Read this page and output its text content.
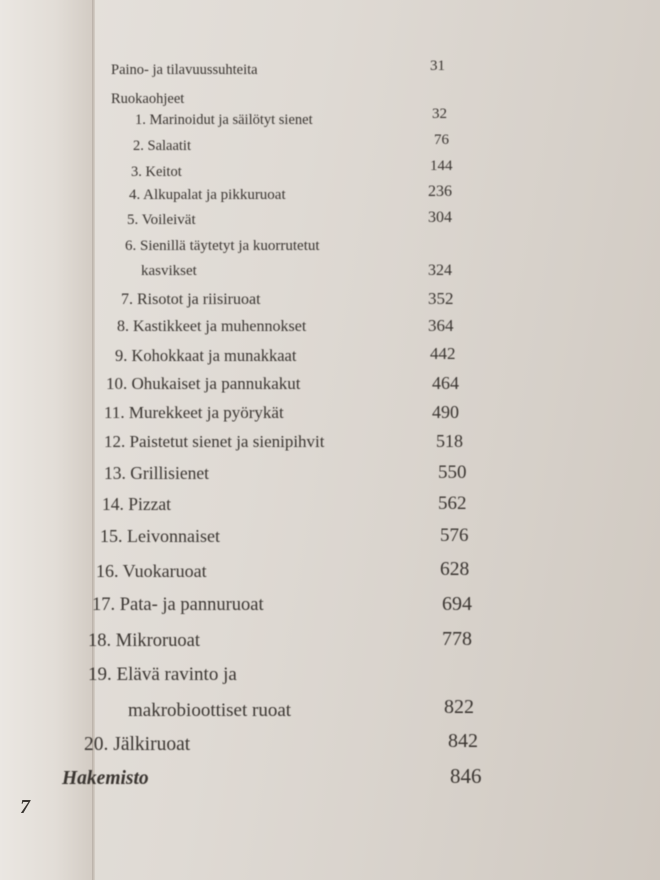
Paino- ja tilavuussuhteita	31
Ruokaohjeet
1. Marinoidut ja säilötyt sienet	32
2. Salaatit	76
3. Keitot	144
4. Alkupalat ja pikkuruoat	236
5. Voileivät	304
6. Sienillä täytetyt ja kuorrutetut
kasvikset	324
7. Risotot ja riisiruoat	352
8. Kastikkeet ja muhennokset	364
9. Kohokkaat ja munakkaat	442
10. Ohukaiset ja pannukakut	464
11. Murekkeet ja pyörykät	490
12. Paistetut sienet ja sienipihvit	518
13. Grillisienet	550
14. Pizzat	562
15. Leivonnaiset	576
16. Vuokaruoat	628
17. Pata- ja pannuruoat	694
18. Mikroruoat	778
19. Elävä ravinto ja
makrobioottiset ruoat	822
20. Jälkiruoat	842
Hakemisto	846
7
